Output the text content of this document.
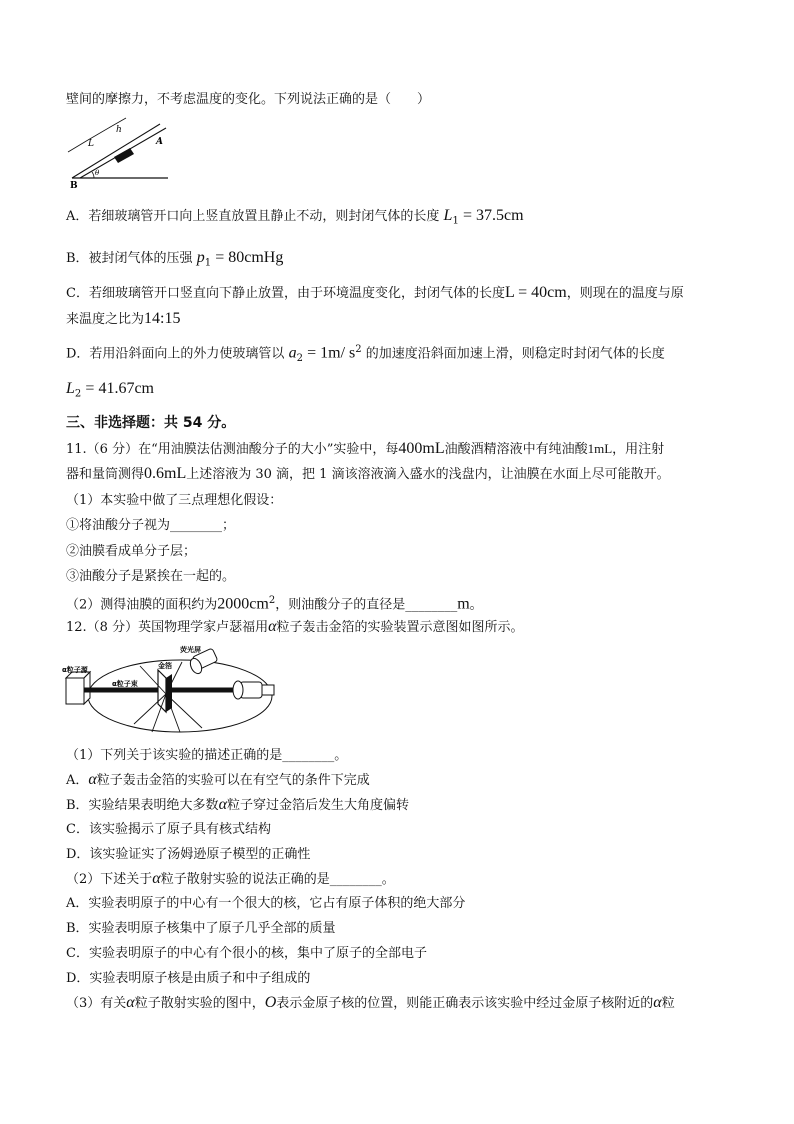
壁间的摩擦力，不考虑温度的变化。下列说法正确的是（　　）
L
h
A
B
θ
A．若细玻璃管开口向上竖直放置且静止不动，则封闭气体的长度 $L_1 = 37.5cm$
B．被封闭气体的压强 $p_1$ = 80cmHg
C．若细玻璃管开口竖直向下静止放置，由于环境温度变化，封闭气体的长度L = 40cm，则现在的温度与原
来温度之比为14:15
D．若用沿斜面向上的外力使玻璃管以 $a_2 = 1m/$ $s^2$ 的加速度沿斜面加速上滑，则稳定时封闭气体的长度
$L_2 = 41.67cm$
三、非选择题：共 54 分。
11.（6 分）在“用油膜法估测油酸分子的大小”实验中，每400mL油酸酒精溶液中有纯油酸1mL，用注射
器和量筒测得0.6mL上述溶液为 30 滴，把 1 滴该溶液滴入盛水的浅盘内，让油膜在水面上尽可能散开。
（1）本实验中做了三点理想化假设：
①将油酸分子视为________；
②油膜看成单分子层；
③油酸分子是紧挨在一起的。
（2）测得油膜的面积约为$2000cm^2$，则油酸分子的直径是________m。
12.（8 分）英国物理学家卢瑟福用α粒子轰击金箔的实验装置示意图如图所示。
α粒子源
α粒子束
金箔
荧光屏
（1）下列关于该实验的描述正确的是________。
A．α粒子轰击金箔的实验可以在有空气的条件下完成
B．实验结果表明绝大多数α粒子穿过金箔后发生大角度偏转
C．该实验揭示了原子具有核式结构
D．该实验证实了汤姆逊原子模型的正确性
（2）下述关于α粒子散射实验的说法正确的是________。
A．实验表明原子的中心有一个很大的核，它占有原子体积的绝大部分
B．实验表明原子核集中了原子几乎全部的质量
C．实验表明原子的中心有个很小的核，集中了原子的全部电子
D．实验表明原子核是由质子和中子组成的
（3）有关α粒子散射实验的图中，O表示金原子核的位置，则能正确表示该实验中经过金原子核附近的α粒
